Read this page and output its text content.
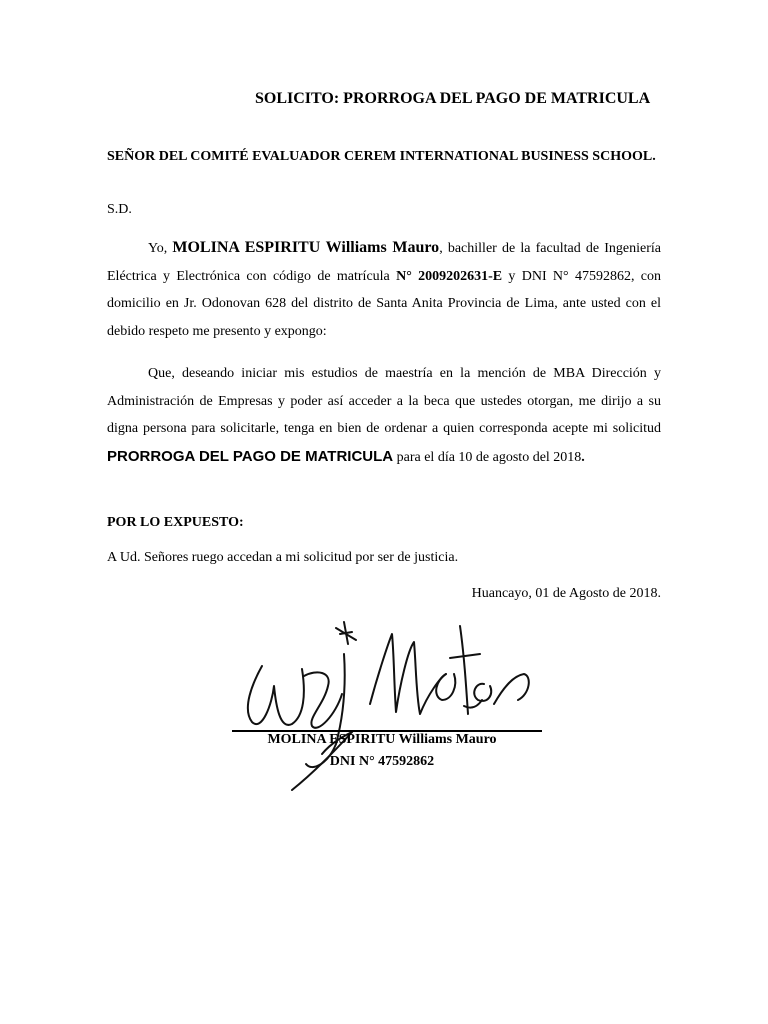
SOLICITO: PRORROGA DEL PAGO DE MATRICULA
SEÑOR DEL COMITÉ EVALUADOR CEREM INTERNATIONAL BUSINESS SCHOOL.
S.D.
Yo, MOLINA ESPIRITU Williams Mauro, bachiller de la facultad de Ingeniería Eléctrica y Electrónica con código de matrícula N° 2009202631-E y DNI N° 47592862, con domicilio en Jr. Odonovan 628 del distrito de Santa Anita Provincia de Lima, ante usted con el debido respeto me presento y expongo:
Que, deseando iniciar mis estudios de maestría en la mención de MBA Dirección y Administración de Empresas y poder así acceder a la beca que ustedes otorgan, me dirijo a su digna persona para solicitarle, tenga en bien de ordenar a quien corresponda acepte mi solicitud PRORROGA DEL PAGO DE MATRICULA para el día 10 de agosto del 2018.
POR LO EXPUESTO:
A Ud. Señores ruego accedan a mi solicitud por ser de justicia.
Huancayo, 01 de Agosto de 2018.
MOLINA ESPIRITU Williams Mauro
DNI N° 47592862
